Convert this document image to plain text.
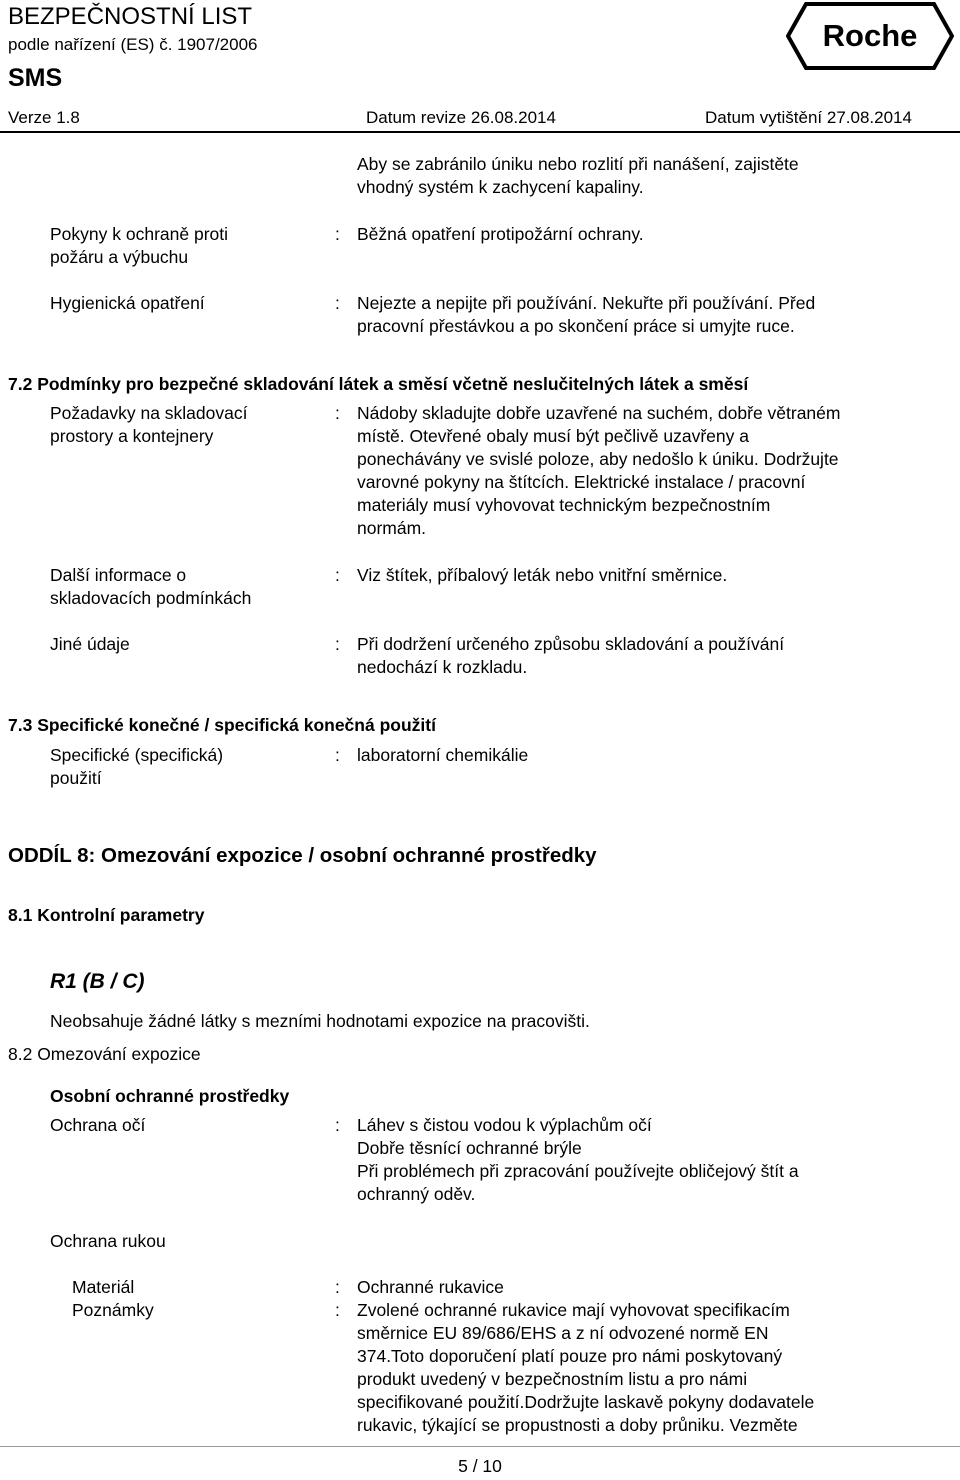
BEZPEČNOSTNÍ LIST
podle nařízení (ES) č. 1907/2006
SMS
Roche
Verze 1.8	Datum revize 26.08.2014	Datum vytištění 27.08.2014
Aby se zabránilo úniku nebo rozlití při nanášení, zajistěte
vhodný systém k zachycení kapaliny.
Pokyny k ochraně proti
požáru a výbuchu
: Běžná opatření protipožární ochrany.
Hygienická opatření	: Nejezte a nepijte při používání. Nekuřte při používání. Před
pracovní přestávkou a po skončení práce si umyjte ruce.
7.2 Podmínky pro bezpečné skladování látek a směsí včetně neslučitelných látek a směsí
Požadavky na skladovací
prostory a kontejnery
: Nádoby skladujte dobře uzavřené na suchém, dobře větraném
místě. Otevřené obaly musí být pečlivě uzavřeny a
ponechávány ve svislé poloze, aby nedošlo k úniku. Dodržujte
varovné pokyny na štítcích. Elektrické instalace / pracovní
materiály musí vyhovovat technickým bezpečnostním
normám.
Další informace o
skladovacích podmínkách
: Viz štítek, příbalový leták nebo vnitřní směrnice.
Jiné údaje	: Při dodržení určeného způsobu skladování a používání
nedochází k rozkladu.
7.3 Specifické konečné / specifická konečná použití
Specifické (specifická)
použití
: laboratorní chemikálie
ODDÍL 8: Omezování expozice / osobní ochranné prostředky
8.1 Kontrolní parametry
R1 (B / C)
Neobsahuje žádné látky s mezními hodnotami expozice na pracovišti.
8.2 Omezování expozice
Osobní ochranné prostředky
Ochrana očí	: Láhev s čistou vodou k výplachům očí
Dobře těsnící ochranné brýle
Při problémech při zpracování používejte obličejový štít a
ochranný oděv.
Ochrana rukou
Materiál	: Ochranné rukavice
Poznámky	: Zvolené ochranné rukavice mají vyhovovat specifikacím
směrnice EU 89/686/EHS a z ní odvozené normě EN
374.Toto doporučení platí pouze pro námi poskytovaný
produkt uvedený v bezpečnostním listu a pro námi
specifikované použití.Dodržujte laskavě pokyny dodavatele
rukavic, týkající se propustnosti a doby průniku. Vezměte
5 / 10
